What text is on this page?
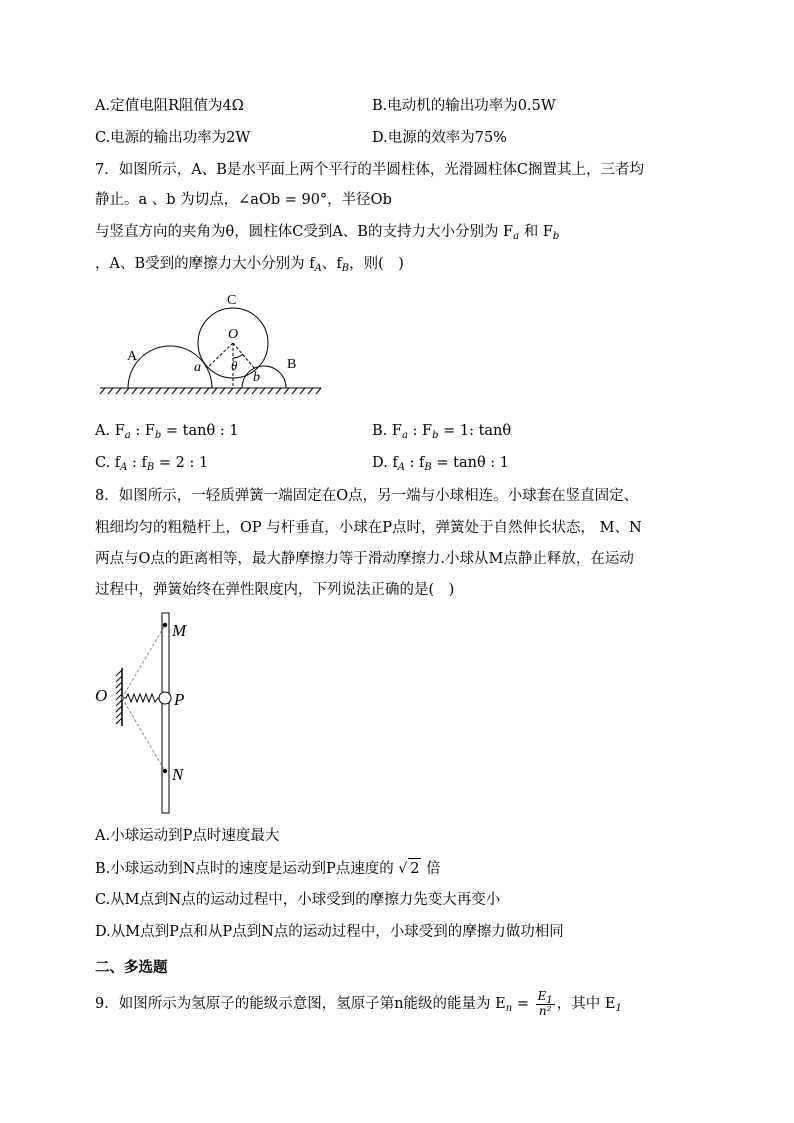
A.定值电阻R阻值为4Ω	B.电动机的输出功率为0.5W
C.电源的输出功率为2W	D.电源的效率为75%
7．如图所示，A、B是水平面上两个平行的半圆柱体，光滑圆柱体C搁置其上，三者均
静止。a 、b 为切点，∠aOb = 90°，半径Ob
与竖直方向的夹角为θ，圆柱体C受到A、B的支持力大小分别为 $F_a$ 和 $F_b$
，A、B受到的摩擦力大小分别为 $f_A$、$f_B$，则(　)
A
C
O
a θ
b
B
A. $F_a$ : $F_b = \tan\theta$ : 1	B. $F_a$ : $F_b = 1$: tanθ
C. $f_A$ : $f_B = 2$ : 1	D. $f_A$ : $f_B = \tan\theta$ : 1
8．如图所示，一轻质弹簧一端固定在O点，另一端与小球相连。小球套在竖直固定、
粗细均匀的粗糙杆上，OP 与杆垂直，小球在P点时，弹簧处于自然伸长状态， M、N
两点与O点的距离相等，最大静摩擦力等于滑动摩擦力.小球从M点静止释放，在运动
过程中，弹簧始终在弹性限度内，下列说法正确的是(　)
O	P
M
N
A.小球运动到P点时速度最大
B.小球运动到N点时的速度是运动到P点速度的 √ 2 倍
C.从M点到N点的运动过程中，小球受到的摩擦力先变大再变小
D.从M点到P点和从P点到N点的运动过程中，小球受到的摩擦力做功相同
二、多选题
9．如图所示为氢原子的能级示意图，氢原子第n能级的能量为 $E_n = \frac{E_1}{\text{n²}}$ ，其中 $E_1$
